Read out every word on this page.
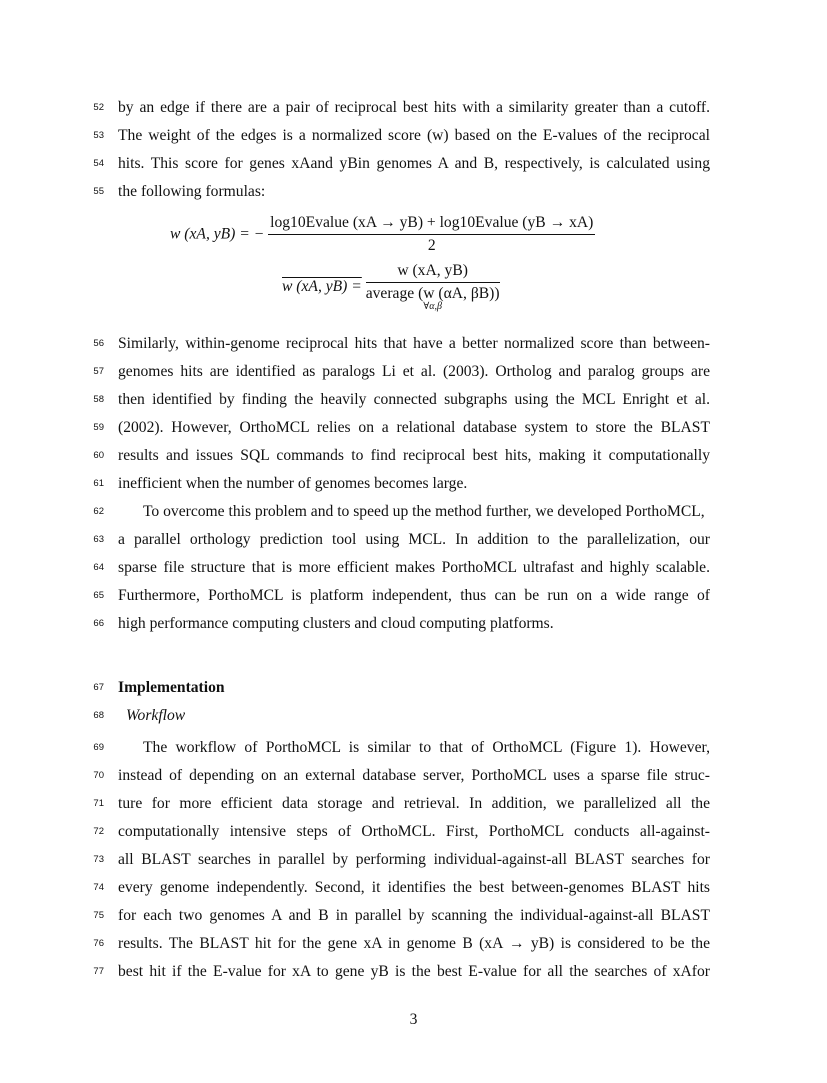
52
53
54
55
56
57
58
59
60
61
62
63
64
65
66
67
68
69
70
71
72
73
74
75
76
77
by an edge if there are a pair of reciprocal best hits with a similarity greater than a cutoff.
The weight of the edges is a normalized score (w) based on the E-values of the reciprocal
hits. This score for genes xAand yBin genomes A and B, respectively, is calculated using
the following formulas:
w (xA, yB) = − $\frac{\text{log10Evalue (xA → yB) + log10Evalue (yB → xA)}}{2}$
w (xA, yB) =
w (xA, yB)
average (w (αA, βB))
∀α,β
Similarly, within-genome reciprocal hits that have a better normalized score than between-
genomes hits are identified as paralogs Li et al. (2003). Ortholog and paralog groups are
then identified by finding the heavily connected subgraphs using the MCL Enright et al.
(2002). However, OrthoMCL relies on a relational database system to store the BLAST
results and issues SQL commands to find reciprocal best hits, making it computationally
inefficient when the number of genomes becomes large.
To overcome this problem and to speed up the method further, we developed PorthoMCL,
a parallel orthology prediction tool using MCL. In addition to the parallelization, our
sparse file structure that is more efficient makes PorthoMCL ultrafast and highly scalable.
Furthermore, PorthoMCL is platform independent, thus can be run on a wide range of
high performance computing clusters and cloud computing platforms.
Implementation
Workflow
The workflow of PorthoMCL is similar to that of OrthoMCL (Figure 1). However,
instead of depending on an external database server, PorthoMCL uses a sparse file struc-
ture for more efficient data storage and retrieval. In addition, we parallelized all the
computationally intensive steps of OrthoMCL. First, PorthoMCL conducts all-against-
all BLAST searches in parallel by performing individual-against-all BLAST searches for
every genome independently. Second, it identifies the best between-genomes BLAST hits
for each two genomes A and B in parallel by scanning the individual-against-all BLAST
results. The BLAST hit for the gene xA in genome B (xA → yB) is considered to be the
best hit if the E-value for xA to gene yB is the best E-value for all the searches of xAfor
3
